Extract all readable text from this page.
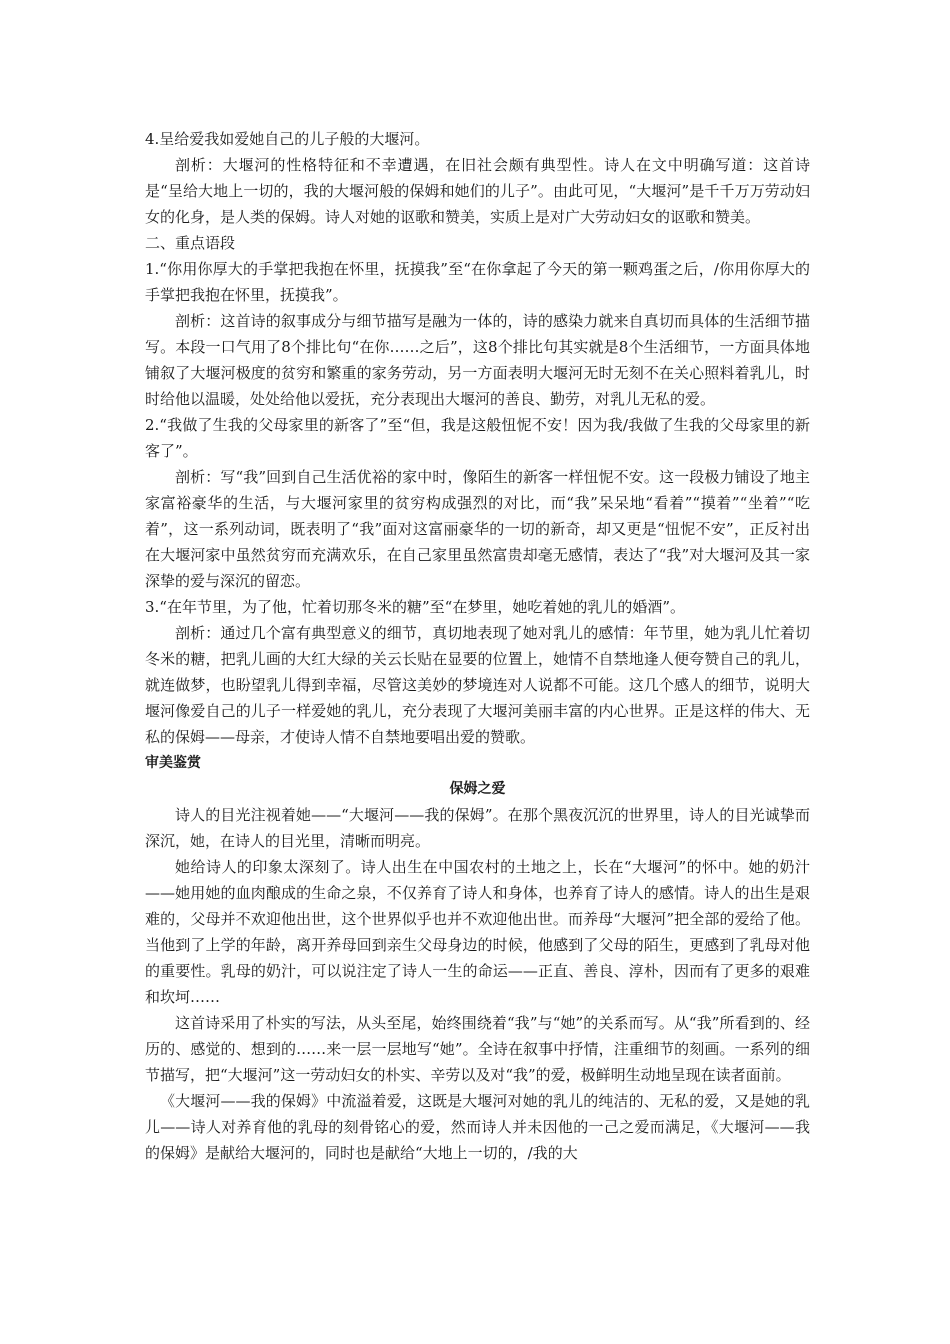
4.呈给爱我如爱她自己的儿子般的大堰河。

剖析：大堰河的性格特征和不幸遭遇，在旧社会颇有典型性。诗人在文中明确写道：这首诗是“呈给大地上一切的，我的大堰河般的保姆和她们的儿子”。由此可见，“大堰河”是千千万万劳动妇女的化身，是人类的保姆。诗人对她的讴歌和赞美，实质上是对广大劳动妇女的讴歌和赞美。

二、重点语段

1.“你用你厚大的手掌把我抱在怀里，抚摸我”至“在你拿起了今天的第一颗鸡蛋之后，/你用你厚大的手掌把我抱在怀里，抚摸我”。

剖析：这首诗的叙事成分与细节描写是融为一体的，诗的感染力就来自真切而具体的生活细节描写。本段一口气用了8个排比句“在你……之后”，这8个排比句其实就是8个生活细节，一方面具体地铺叙了大堰河极度的贫穷和繁重的家务劳动，另一方面表明大堰河无时无刻不在关心照料着乳儿，时时给他以温暖，处处给他以爱抚，充分表现出大堰河的善良、勤劳，对乳儿无私的爱。

2.“我做了生我的父母家里的新客了”至“但，我是这般忸怩不安！因为我/我做了生我的父母家里的新客了”。

剖析：写“我”回到自己生活优裕的家中时，像陌生的新客一样忸怩不安。这一段极力铺设了地主家富裕豪华的生活，与大堰河家里的贫穷构成强烈的对比，而“我”呆呆地“看着”“摸着”“坐着”“吃着”，这一系列动词，既表明了“我”面对这富丽豪华的一切的新奇，却又更是“忸怩不安”，正反衬出在大堰河家中虽然贫穷而充满欢乐，在自己家里虽然富贵却毫无感情，表达了“我”对大堰河及其一家深挚的爱与深沉的留恋。

3.“在年节里，为了他，忙着切那冬米的糖”至“在梦里，她吃着她的乳儿的婚酒”。

剖析：通过几个富有典型意义的细节，真切地表现了她对乳儿的感情：年节里，她为乳儿忙着切冬米的糖，把乳儿画的大红大绿的关云长贴在显要的位置上，她情不自禁地逢人便夸赞自己的乳儿，就连做梦，也盼望乳儿得到幸福，尽管这美妙的梦境连对人说都不可能。这几个感人的细节，说明大堰河像爱自己的儿子一样爱她的乳儿，充分表现了大堰河美丽丰富的内心世界。正是这样的伟大、无私的保姆——母亲，才使诗人情不自禁地要唱出爱的赞歌。

审美鉴赏

保姆之爱

诗人的目光注视着她——“大堰河——我的保姆”。在那个黑夜沉沉的世界里，诗人的目光诚挚而深沉，她，在诗人的目光里，清晰而明亮。

她给诗人的印象太深刻了。诗人出生在中国农村的土地之上，长在“大堰河”的怀中。她的奶汁——她用她的血肉酿成的生命之泉，不仅养育了诗人和身体，也养育了诗人的感情。诗人的出生是艰难的，父母并不欢迎他出世，这个世界似乎也并不欢迎他出世。而养母“大堰河”把全部的爱给了他。当他到了上学的年龄，离开养母回到亲生父母身边的时候，他感到了父母的陌生，更感到了乳母对他的重要性。乳母的奶汁，可以说注定了诗人一生的命运——正直、善良、淳朴，因而有了更多的艰难和坎坷……

这首诗采用了朴实的写法，从头至尾，始终围绕着“我”与“她”的关系而写。从“我”所看到的、经历的、感觉的、想到的……来一层一层地写“她”。全诗在叙事中抒情，注重细节的刻画。一系列的细节描写，把“大堰河”这一劳动妇女的朴实、辛劳以及对“我”的爱，极鲜明生动地呈现在读者面前。

《大堰河——我的保姆》中流溢着爱，这既是大堰河对她的乳儿的纯洁的、无私的爱，又是她的乳儿——诗人对养育他的乳母的刻骨铭心的爱，然而诗人并未因他的一己之爱而满足，《大堰河——我的保姆》是献给大堰河的，同时也是献给“大地上一切的，/我的大
